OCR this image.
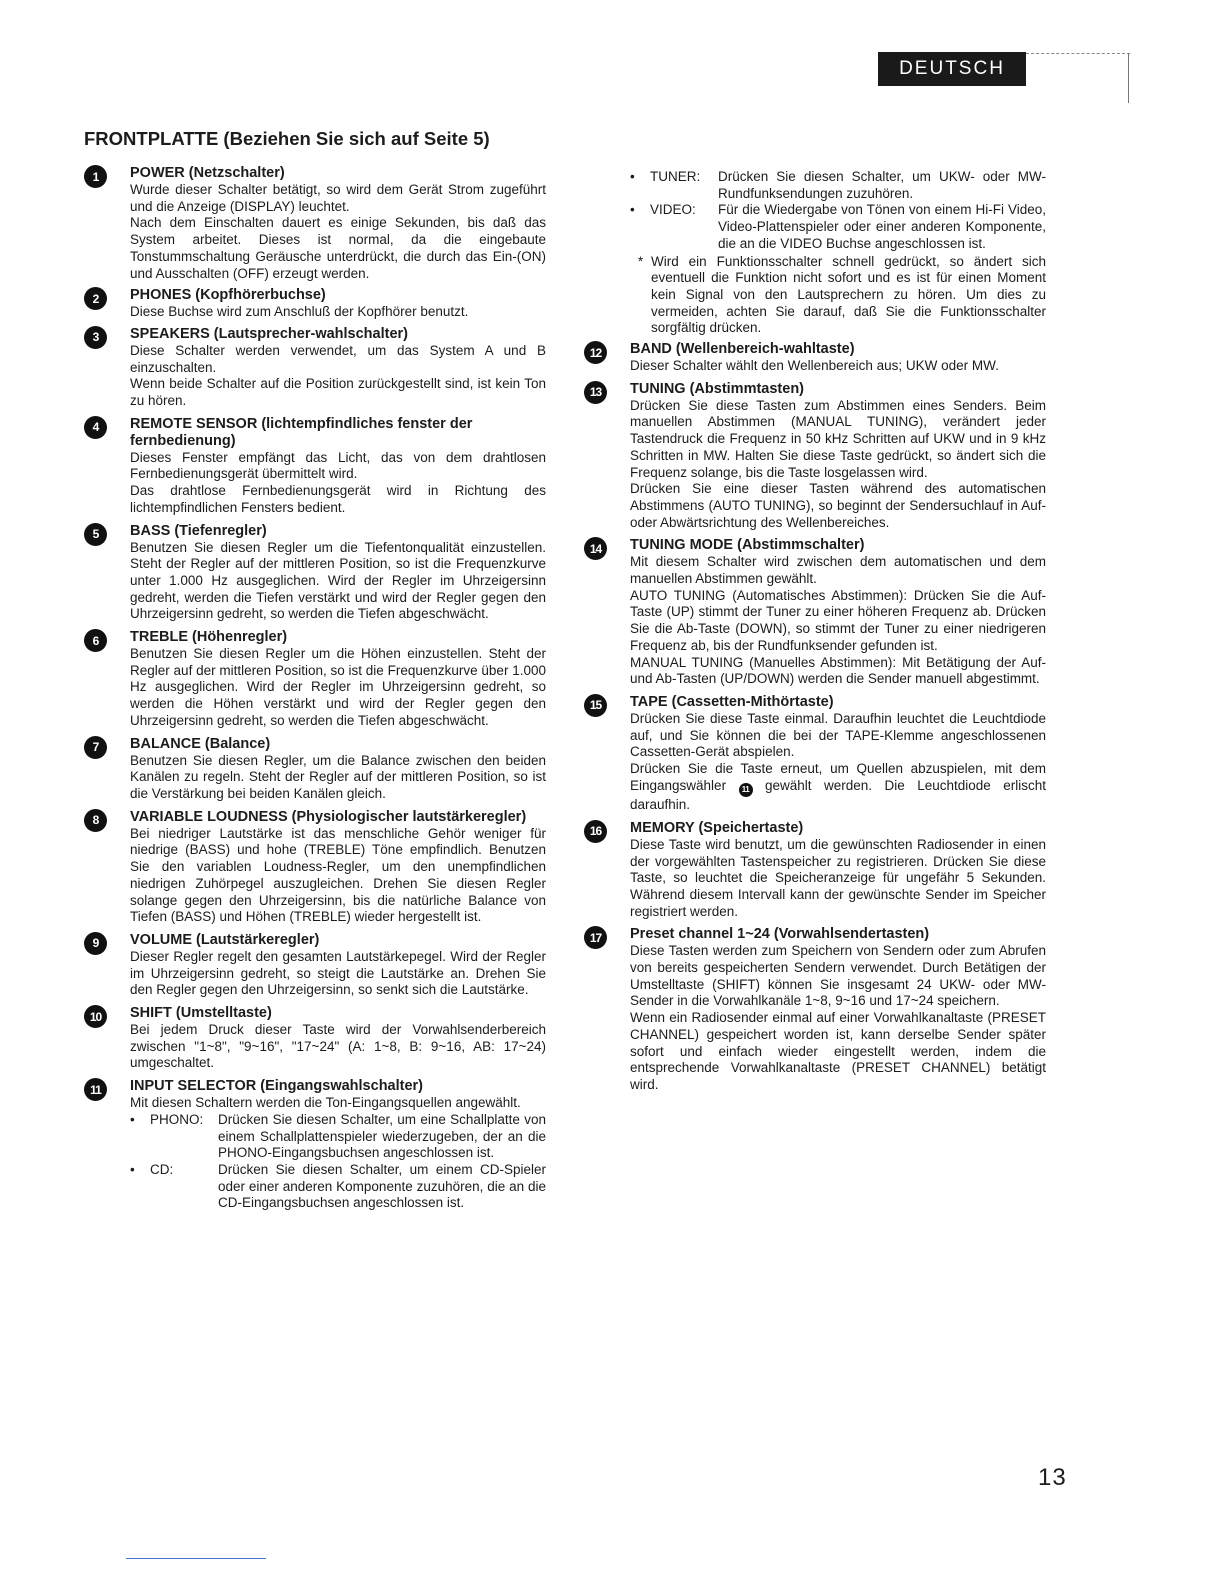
DEUTSCH
FRONTPLATTE (Beziehen Sie sich auf Seite 5)
1	POWER (Netzschalter)

Wurde dieser Schalter betätigt, so wird dem Gerät Strom zugeführt und die Anzeige (DISPLAY) leuchtet.

Nach dem Einschalten dauert es einige Sekunden, bis daß das System arbeitet. Dieses ist normal, da die eingebaute Tonstummschaltung Geräusche unterdrückt, die durch das Ein-(ON) und Ausschalten (OFF) erzeugt werden.

2	PHONES (Kopfhörerbuchse)

Diese Buchse wird zum Anschluß der Kopfhörer benutzt.

3	SPEAKERS (Lautsprecher-wahlschalter)

Diese Schalter werden verwendet, um das System A und B einzuschalten.

Wenn beide Schalter auf die Position zurückgestellt sind, ist kein Ton zu hören.

4	REMOTE SENSOR (lichtempfindliches fenster der fernbedienung)

Dieses Fenster empfängt das Licht, das von dem drahtlosen Fernbedienungsgerät übermittelt wird.

Das drahtlose Fernbedienungsgerät wird in Richtung des lichtempfindlichen Fensters bedient.

5	BASS (Tiefenregler)

Benutzen Sie diesen Regler um die Tiefentonqualität einzustellen. Steht der Regler auf der mittleren Position, so ist die Frequenzkurve unter 1.000 Hz ausgeglichen. Wird der Regler im Uhrzeigersinn gedreht, werden die Tiefen verstärkt und wird der Regler gegen den Uhrzeigersinn gedreht, so werden die Tiefen abgeschwächt.

6	TREBLE (Höhenregler)

Benutzen Sie diesen Regler um die Höhen einzustellen. Steht der Regler auf der mittleren Position, so ist die Frequenzkurve über 1.000 Hz ausgeglichen. Wird der Regler im Uhrzeigersinn gedreht, so werden die Höhen verstärkt und wird der Regler gegen den Uhrzeigersinn gedreht, so werden die Tiefen abgeschwächt.

7	BALANCE (Balance)

Benutzen Sie diesen Regler, um die Balance zwischen den beiden Kanälen zu regeln. Steht der Regler auf der mittleren Position, so ist die Verstärkung bei beiden Kanälen gleich.

8	VARIABLE LOUDNESS (Physiologischer lautstärkeregler)

Bei niedriger Lautstärke ist das menschliche Gehör weniger für niedrige (BASS) und hohe (TREBLE) Töne empfindlich. Benutzen Sie den variablen Loudness-Regler, um den unempfindlichen niedrigen Zuhörpegel auszugleichen. Drehen Sie diesen Regler solange gegen den Uhrzeigersinn, bis die natürliche Balance von Tiefen (BASS) und Höhen (TREBLE) wieder hergestellt ist.

9	VOLUME (Lautstärkeregler)

Dieser Regler regelt den gesamten Lautstärkepegel. Wird der Regler im Uhrzeigersinn gedreht, so steigt die Lautstärke an. Drehen Sie den Regler gegen den Uhrzeigersinn, so senkt sich die Lautstärke.

10	SHIFT (Umstelltaste)

Bei jedem Druck dieser Taste wird der Vorwahlsenderbereich zwischen "1~8", "9~16", "17~24" (A: 1~8, B: 9~16, AB: 17~24) umgeschaltet.

11	INPUT SELECTOR (Eingangswahlschalter)

Mit diesen Schaltern werden die Ton-Eingangsquellen angewählt.

•	PHONO:	Drücken Sie diesen Schalter, um eine Schallplatte von einem Schallplattenspieler wiederzugeben, der an die PHONO-Eingangsbuchsen angeschlossen ist.
•	CD:	Drücken Sie diesen Schalter, um einem CD-Spieler oder einer anderen Komponente zuzuhören, die an die CD-Eingangsbuchsen angeschlossen ist.
•	TUNER:	Drücken Sie diesen Schalter, um UKW- oder MW-Rundfunksendungen zuzuhören.
•	VIDEO:	Für die Wiedergabe von Tönen von einem Hi-Fi Video, Video-Plattenspieler oder einer anderen Komponente, die an die VIDEO Buchse angeschlossen ist.
* Wird ein Funktionsschalter schnell gedrückt, so ändert sich eventuell die Funktion nicht sofort und es ist für einen Moment kein Signal von den Lautsprechern zu hören. Um dies zu vermeiden, achten Sie darauf, daß Sie die Funktionsschalter sorgfältig drücken.
12	BAND (Wellenbereich-wahltaste)

Dieser Schalter wählt den Wellenbereich aus; UKW oder MW.

13	TUNING (Abstimmtasten)

Drücken Sie diese Tasten zum Abstimmen eines Senders. Beim manuellen Abstimmen (MANUAL TUNING), verändert jeder Tastendruck die Frequenz in 50 kHz Schritten auf UKW und in 9 kHz Schritten in MW. Halten Sie diese Taste gedrückt, so ändert sich die Frequenz solange, bis die Taste losgelassen wird.

Drücken Sie eine dieser Tasten während des automatischen Abstimmens (AUTO TUNING), so beginnt der Sendersuchlauf in Auf- oder Abwärtsrichtung des Wellenbereiches.

14	TUNING MODE (Abstimmschalter)

Mit diesem Schalter wird zwischen dem automatischen und dem manuellen Abstimmen gewählt.

AUTO TUNING (Automatisches Abstimmen): Drücken Sie die Auf-Taste (UP) stimmt der Tuner zu einer höheren Frequenz ab. Drücken Sie die Ab-Taste (DOWN), so stimmt der Tuner zu einer niedrigeren Frequenz ab, bis der Rundfunksender gefunden ist.

MANUAL TUNING (Manuelles Abstimmen): Mit Betätigung der Auf- und Ab-Tasten (UP/DOWN) werden die Sender manuell abgestimmt.

15	TAPE (Cassetten-Mithörtaste)

Drücken Sie diese Taste einmal. Daraufhin leuchtet die Leuchtdiode auf, und Sie können die bei der TAPE-Klemme angeschlossenen Cassetten-Gerät abspielen.

Drücken Sie die Taste erneut, um Quellen abzuspielen, mit dem Eingangswähler 11 gewählt werden. Die Leuchtdiode erlischt daraufhin.

16	MEMORY (Speichertaste)

Diese Taste wird benutzt, um die gewünschten Radiosender in einen der vorgewählten Tastenspeicher zu registrieren. Drücken Sie diese Taste, so leuchtet die Speicheranzeige für ungefähr 5 Sekunden. Während diesem Intervall kann der gewünschte Sender im Speicher registriert werden.

17	Preset channel 1~24 (Vorwahlsendertasten)

Diese Tasten werden zum Speichern von Sendern oder zum Abrufen von bereits gespeicherten Sendern verwendet. Durch Betätigen der Umstelltaste (SHIFT) können Sie insgesamt 24 UKW- oder MW-Sender in die Vorwahlkanäle 1~8, 9~16 und 17~24 speichern.

Wenn ein Radiosender einmal auf einer Vorwahlkanaltaste (PRESET CHANNEL) gespeichert worden ist, kann derselbe Sender später sofort und einfach wieder eingestellt werden, indem die entsprechende Vorwahlkanaltaste (PRESET CHANNEL) betätigt wird.

13
